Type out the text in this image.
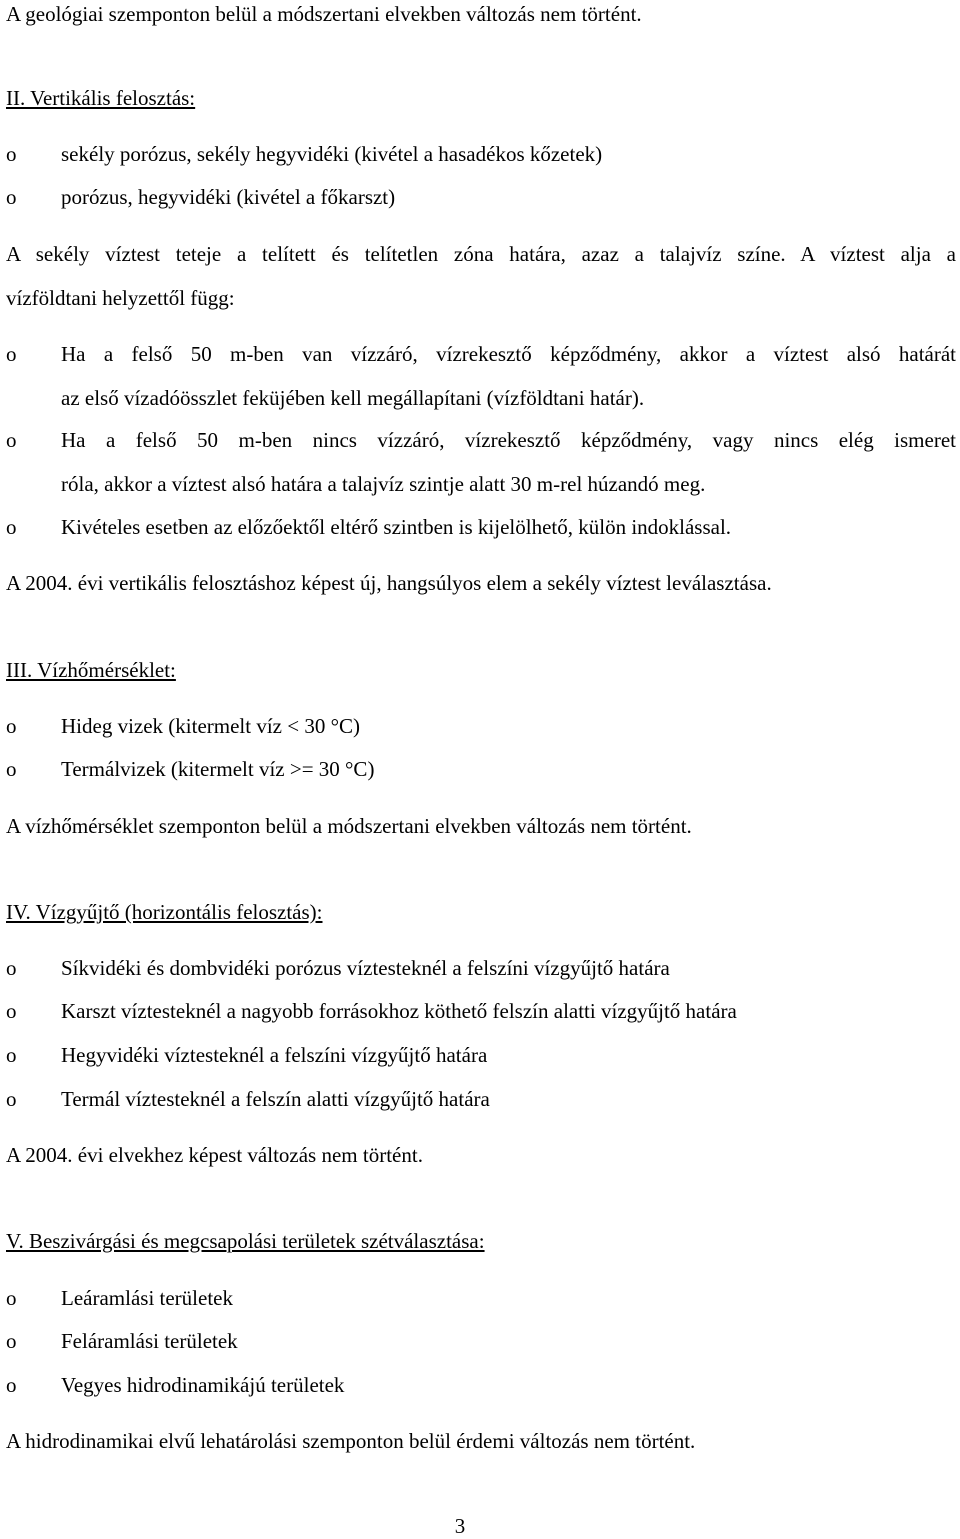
A geológiai szemponton belül a módszertani elvekben változás nem történt.
II. Vertikális felosztás:
o sekély porózus, sekély hegyvidéki (kivétel a hasadékos kőzetek)
o porózus, hegyvidéki (kivétel a főkarszt)
A sekély víztest teteje a telített és telítetlen zóna határa, azaz a talajvíz színe. A víztest alja a
vízföldtani helyzettől függ:
o Ha a felső 50 m-ben van vízzáró, vízrekesztő képződmény, akkor a víztest alsó határát
az első vízadóösszlet feküjében kell megállapítani (vízföldtani határ).
o Ha a felső 50 m-ben nincs vízzáró, vízrekesztő képződmény, vagy nincs elég ismeret
róla, akkor a víztest alsó határa a talajvíz szintje alatt 30 m-rel húzandó meg.
o Kivételes esetben az előzőektől eltérő szintben is kijelölhető, külön indoklással.
A 2004. évi vertikális felosztáshoz képest új, hangsúlyos elem a sekély víztest leválasztása.
III. Vízhőmérséklet:
o Hideg vizek (kitermelt víz < 30 °C)
o Termálvizek (kitermelt víz >= 30 °C)
A vízhőmérséklet szemponton belül a módszertani elvekben változás nem történt.
IV. Vízgyűjtő (horizontális felosztás):
o Síkvidéki és dombvidéki porózus víztesteknél a felszíni vízgyűjtő határa
o Karszt víztesteknél a nagyobb forrásokhoz köthető felszín alatti vízgyűjtő határa
o Hegyvidéki víztesteknél a felszíni vízgyűjtő határa
o Termál víztesteknél a felszín alatti vízgyűjtő határa
A 2004. évi elvekhez képest változás nem történt.
V. Beszivárgási és megcsapolási területek szétválasztása:
o Leáramlási területek
o Feláramlási területek
o Vegyes hidrodinamikájú területek
A hidrodinamikai elvű lehatárolási szemponton belül érdemi változás nem történt.
3
